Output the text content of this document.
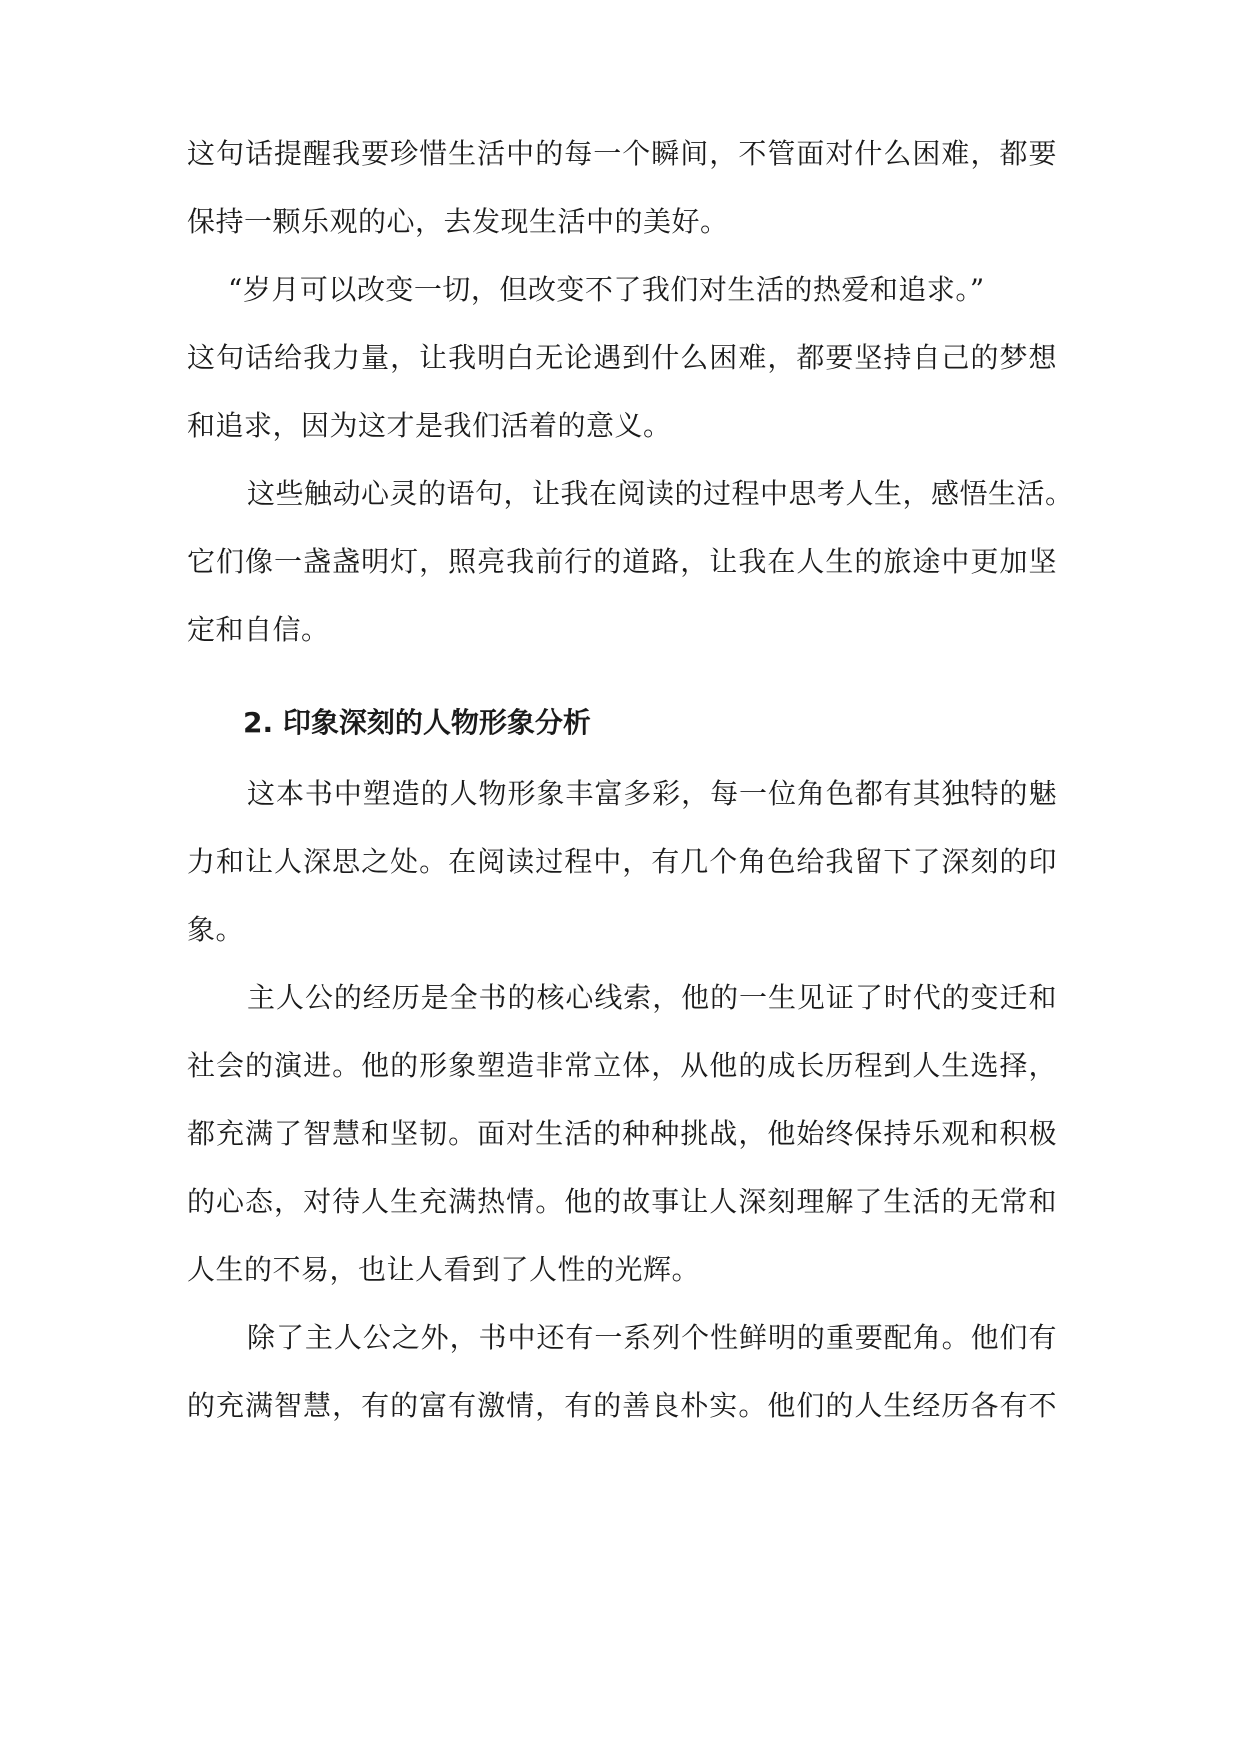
这句话提醒我要珍惜生活中的每一个瞬间，不管面对什么困难，都要
保持一颗乐观的心，去发现生活中的美好。
“岁月可以改变一切，但改变不了我们对生活的热爱和追求。”
这句话给我力量，让我明白无论遇到什么困难，都要坚持自己的梦想
和追求，因为这才是我们活着的意义。
这些触动心灵的语句，让我在阅读的过程中思考人生，感悟生活。
它们像一盏盏明灯，照亮我前行的道路，让我在人生的旅途中更加坚
定和自信。
2. 印象深刻的人物形象分析
这本书中塑造的人物形象丰富多彩，每一位角色都有其独特的魅
力和让人深思之处。在阅读过程中，有几个角色给我留下了深刻的印
象。
主人公的经历是全书的核心线索，他的一生见证了时代的变迁和
社会的演进。他的形象塑造非常立体，从他的成长历程到人生选择，
都充满了智慧和坚韧。面对生活的种种挑战，他始终保持乐观和积极
的心态，对待人生充满热情。他的故事让人深刻理解了生活的无常和
人生的不易，也让人看到了人性的光辉。
除了主人公之外，书中还有一系列个性鲜明的重要配角。他们有
的充满智慧，有的富有激情，有的善良朴实。他们的人生经历各有不
